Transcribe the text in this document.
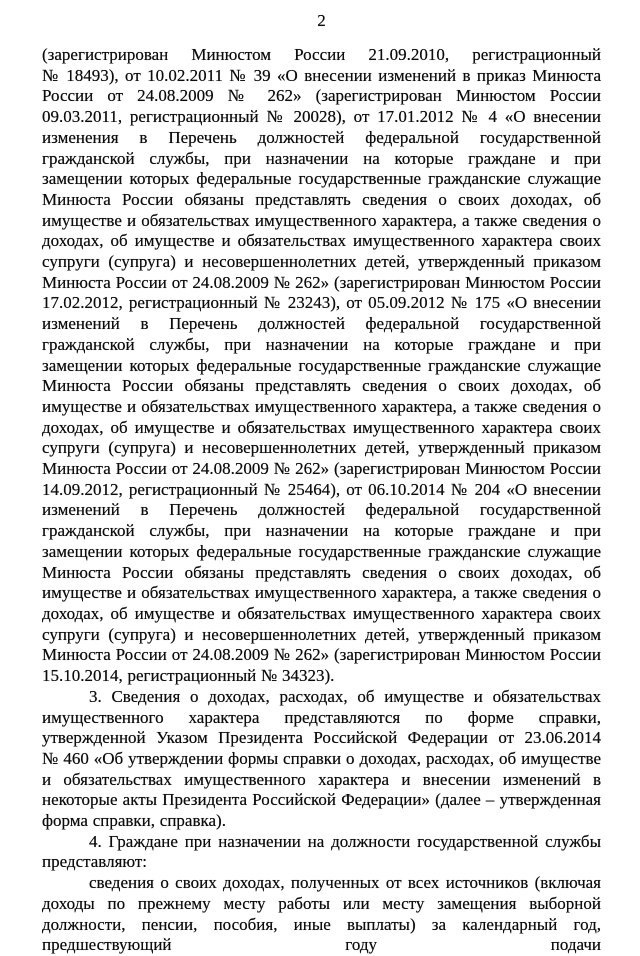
2

(зарегистрирован Минюстом России 21.09.2010, регистрационный № 18493), от 10.02.2011 № 39 «О внесении изменений в приказ Минюста России от 24.08.2009 № 262» (зарегистрирован Минюстом России 09.03.2011, регистрационный № 20028), от 17.01.2012 № 4 «О внесении изменения в Перечень должностей федеральной государственной гражданской службы, при назначении на которые граждане и при замещении которых федеральные государственные гражданские служащие Минюста России обязаны представлять сведения о своих доходах, об имуществе и обязательствах имущественного характера, а также сведения о доходах, об имуществе и обязательствах имущественного характера своих супруги (супруга) и несовершеннолетних детей, утвержденный приказом Минюста России от 24.08.2009 № 262» (зарегистрирован Минюстом России 17.02.2012, регистрационный № 23243), от 05.09.2012 № 175 «О внесении изменений в Перечень должностей федеральной государственной гражданской службы, при назначении на которые граждане и при замещении которых федеральные государственные гражданские служащие Минюста России обязаны представлять сведения о своих доходах, об имуществе и обязательствах имущественного характера, а также сведения о доходах, об имуществе и обязательствах имущественного характера своих супруги (супруга) и несовершеннолетних детей, утвержденный приказом Минюста России от 24.08.2009 № 262» (зарегистрирован Минюстом России 14.09.2012, регистрационный № 25464), от 06.10.2014 № 204 «О внесении изменений в Перечень должностей федеральной государственной гражданской службы, при назначении на которые граждане и при замещении которых федеральные государственные гражданские служащие Минюста России обязаны представлять сведения о своих доходах, об имуществе и обязательствах имущественного характера, а также сведения о доходах, об имуществе и обязательствах имущественного характера своих супруги (супруга) и несовершеннолетних детей, утвержденный приказом Минюста России от 24.08.2009 № 262» (зарегистрирован Минюстом России 15.10.2014, регистрационный № 34323).

3. Сведения о доходах, расходах, об имуществе и обязательствах имущественного характера представляются по форме справки, утвержденной Указом Президента Российской Федерации от 23.06.2014 № 460 «Об утверждении формы справки о доходах, расходах, об имуществе и обязательствах имущественного характера и внесении изменений в некоторые акты Президента Российской Федерации» (далее – утвержденная форма справки, справка).

4. Граждане при назначении на должности государственной службы представляют:

сведения о своих доходах, полученных от всех источников (включая доходы по прежнему месту работы или месту замещения выборной должности, пенсии, пособия, иные выплаты) за календарный год, предшествующий году подачи
